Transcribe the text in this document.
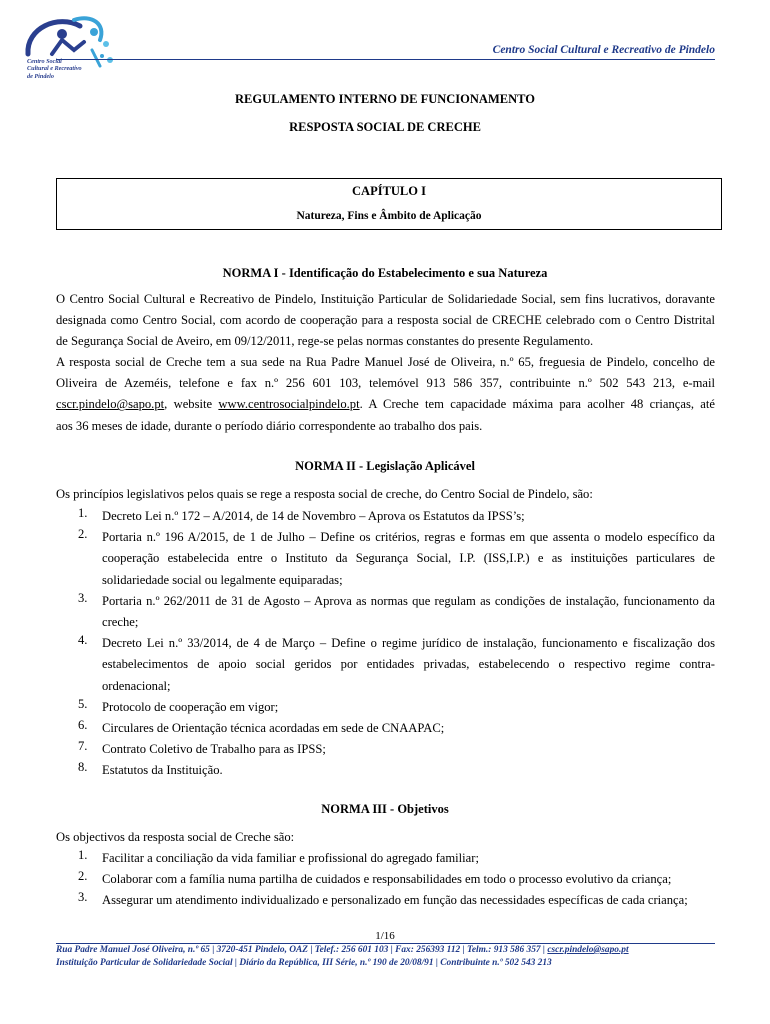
Centro Social
Cultural e Recreativo
de Pindelo
Centro Social Cultural e Recreativo de Pindelo
REGULAMENTO INTERNO DE FUNCIONAMENTO
RESPOSTA SOCIAL DE CRECHE
CAPÍTULO I
Natureza, Fins e Âmbito de Aplicação
NORMA I - Identificação do Estabelecimento e sua Natureza
O Centro Social Cultural e Recreativo de Pindelo, Instituição Particular de Solidariedade Social, sem fins lucrativos, doravante
designada como Centro Social, com acordo de cooperação para a resposta social de CRECHE celebrado com o Centro Distrital
de Segurança Social de Aveiro, em 09/12/2011, rege-se pelas normas constantes do presente Regulamento.
A resposta social de Creche tem a sua sede na Rua Padre Manuel José de Oliveira, n.º 65, freguesia de Pindelo, concelho de
Oliveira de Azeméis, telefone e fax n.º 256 601 103, telemóvel 913 586 357, contribuinte n.º 502 543 213, e-mail
cscr.pindelo@sapo.pt, website www.centrosocialpindelo.pt. A Creche tem capacidade máxima para acolher 48 crianças, até
aos 36 meses de idade, durante o período diário correspondente ao trabalho dos pais.
NORMA II - Legislação Aplicável
Os princípios legislativos pelos quais se rege a resposta social de creche, do Centro Social de Pindelo, são:
1. Decreto Lei n.º 172 – A/2014, de 14 de Novembro – Aprova os Estatutos da IPSS’s;
2. Portaria n.º 196 A/2015, de 1 de Julho – Define os critérios, regras e formas em que assenta o modelo específico da
cooperação estabelecida entre o Instituto da Segurança Social, I.P. (ISS,I.P.) e as instituições particulares de
solidariedade social ou legalmente equiparadas;
3. Portaria n.º 262/2011 de 31 de Agosto – Aprova as normas que regulam as condições de instalação, funcionamento da
creche;
4. Decreto Lei n.º 33/2014, de 4 de Março – Define o regime jurídico de instalação, funcionamento e fiscalização dos
estabelecimentos de apoio social geridos por entidades privadas, estabelecendo o respectivo regime contra-
ordenacional;
5. Protocolo de cooperação em vigor;
6. Circulares de Orientação técnica acordadas em sede de CNAAPAC;
7. Contrato Coletivo de Trabalho para as IPSS;
8. Estatutos da Instituição.
NORMA III - Objetivos
Os objectivos da resposta social de Creche são:
1. Facilitar a conciliação da vida familiar e profissional do agregado familiar;
2. Colaborar com a família numa partilha de cuidados e responsabilidades em todo o processo evolutivo da criança;
3. Assegurar um atendimento individualizado e personalizado em função das necessidades específicas de cada criança;
1/16
Rua Padre Manuel José Oliveira, n.º 65 | 3720-451 Pindelo, OAZ | Telef.: 256 601 103 | Fax: 256393 112 | Telm.: 913 586 357 | cscr.pindelo@sapo.pt
Instituição Particular de Solidariedade Social | Diário da República, III Série, n.º 190 de 20/08/91 | Contribuinte n.º 502 543 213
